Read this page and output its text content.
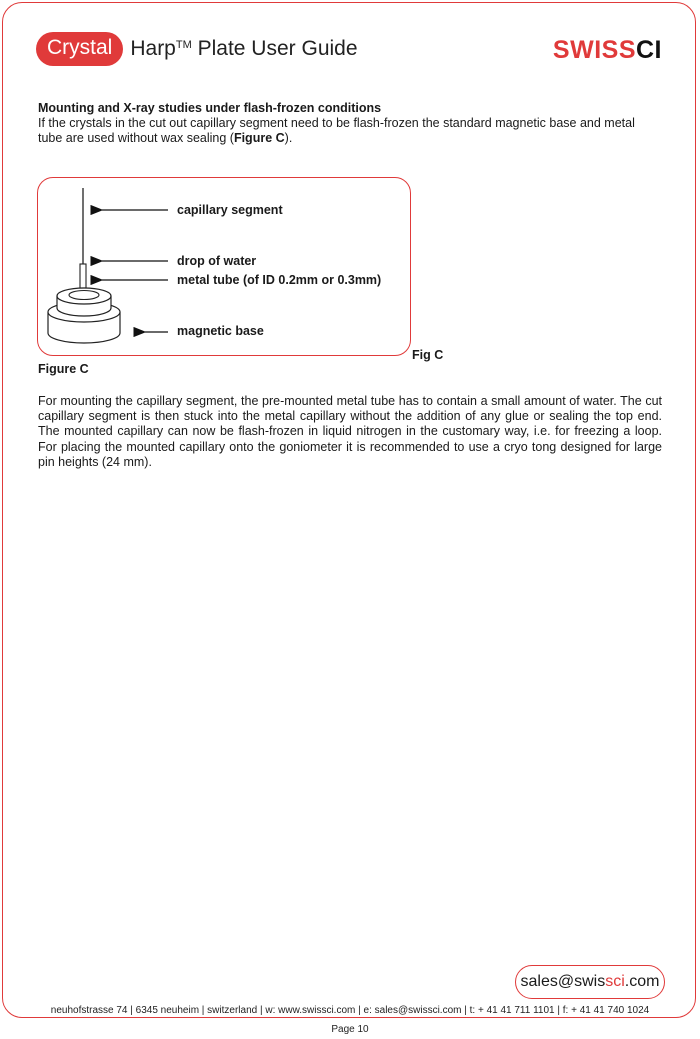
Crystal Harp™ Plate User Guide	SWISSCI
Mounting and X-ray studies under flash-frozen conditions
If the crystals in the cut out capillary segment need to be flash-frozen the standard magnetic base and metal tube are used without wax sealing (Figure C).
capillary segment
drop of water
metal tube (of ID 0.2mm or 0.3mm)
magnetic base
Fig C
Figure C
For mounting the capillary segment, the pre-mounted metal tube has to contain a small amount of water. The cut capillary segment is then stuck into the metal capillary without the addition of any glue or sealing the top end. The mounted capillary can now be flash-frozen in liquid nitrogen in the customary way, i.e. for freezing a loop. For placing the mounted capillary onto the goniometer it is recommended to use a cryo tong designed for large pin heights (24 mm).
sales@swis sci .com
neuhofstrasse 74 | 6345 neuheim | switzerland | w: www.swissci.com | e: sales@swissci.com | t: + 41 41 711 1101 | f: + 41 41 740 1024
Page 10
